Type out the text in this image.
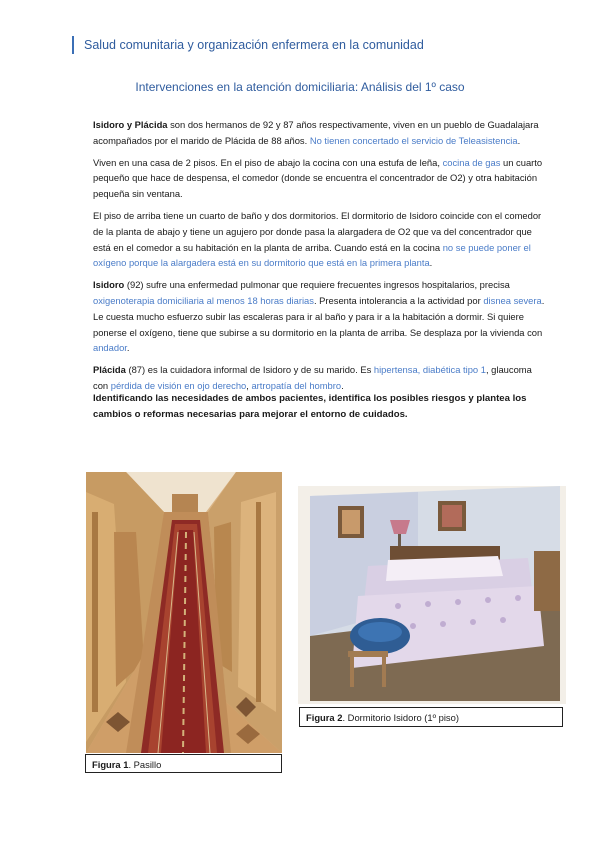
Salud comunitaria y organización enfermera en la comunidad
Intervenciones en la atención domiciliaria: Análisis del 1º caso

Isidoro y Plácida son dos hermanos de 92 y 87 años respectivamente, viven en un pueblo de Guadalajara acompañados por el marido de Plácida de 88 años. No tienen concertado el servicio de Teleasistencia.

Viven en una casa de 2 pisos. En el piso de abajo la cocina con una estufa de leña, cocina de gas un cuarto pequeño que hace de despensa, el comedor (donde se encuentra el concentrador de O2) y otra habitación pequeña sin ventana.

El piso de arriba tiene un cuarto de baño y dos dormitorios. El dormitorio de Isidoro coincide con el comedor de la planta de abajo y tiene un agujero por donde pasa la alargadera de O2 que va del concentrador que está en el comedor a su habitación en la planta de arriba. Cuando está en la cocina no se puede poner el oxígeno porque la alargadera está en su dormitorio que está en la primera planta.

Isidoro (92) sufre una enfermedad pulmonar que requiere frecuentes ingresos hospitalarios, precisa oxigenoterapia domiciliaria al menos 18 horas diarias. Presenta intolerancia a la actividad por disnea severa. Le cuesta mucho esfuerzo subir las escaleras para ir al baño y para ir a la habitación a dormir. Si quiere ponerse el oxígeno, tiene que subirse a su dormitorio en la planta de arriba. Se desplaza por la vivienda con andador.

Plácida (87) es la cuidadora informal de Isidoro y de su marido. Es hipertensa, diabética tipo 1, glaucoma con pérdida de visión en ojo derecho, artropatía del hombro.

Identificando las necesidades de ambos pacientes, identifica los posibles riesgos y plantea los cambios o reformas necesarias para mejorar el entorno de cuidados.

Figura 1. Pasillo
Figura 2. Dormitorio Isidoro (1º piso)
